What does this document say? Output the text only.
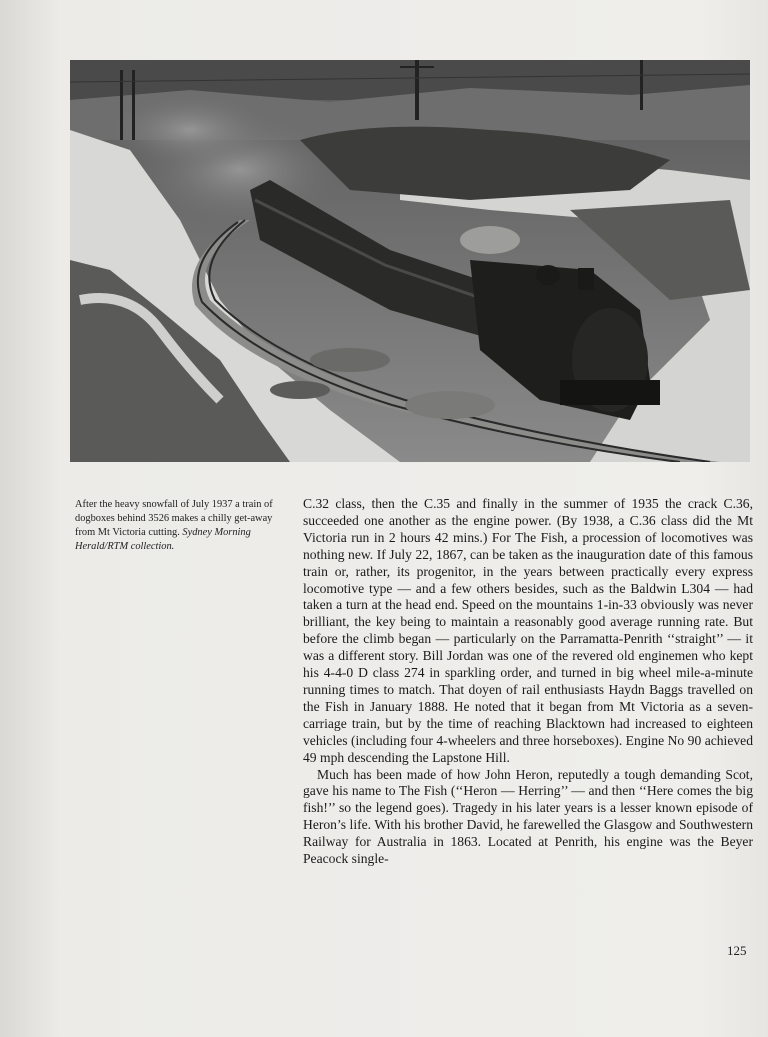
After the heavy snowfall of July 1937 a train of dogboxes behind 3526 makes a chilly get-away from Mt Victoria cutting. Sydney Morning Herald/RTM collection.

C.32 class, then the C.35 and finally in the summer of 1935 the crack C.36, succeeded one another as the engine power. (By 1938, a C.36 class did the Mt Victoria run in 2 hours 42 mins.) For The Fish, a procession of locomotives was nothing new. If July 22, 1867, can be taken as the inauguration date of this famous train or, rather, its progenitor, in the years between practically every express locomotive type — and a few others besides, such as the Baldwin L304 — had taken a turn at the head end. Speed on the mountains 1-in-33 obviously was never brilliant, the key being to maintain a reasonably good average running rate. But before the climb began — particularly on the Parramatta-Penrith ‘‘straight’’ — it was a different story. Bill Jordan was one of the revered old enginemen who kept his 4-4-0 D class 274 in sparkling order, and turned in big wheel mile-a-minute running times to match. That doyen of rail enthusiasts Haydn Baggs travelled on the Fish in January 1888. He noted that it began from Mt Victoria as a seven-carriage train, but by the time of reaching Blacktown had increased to eighteen vehicles (including four 4-wheelers and three horseboxes). Engine No 90 achieved 49 mph descending the Lapstone Hill.

Much has been made of how John Heron, reputedly a tough demanding Scot, gave his name to The Fish (‘‘Heron — Herring’’ — and then ‘‘Here comes the big fish!’’ so the legend goes). Tragedy in his later years is a lesser known episode of Heron’s life. With his brother David, he farewelled the Glasgow and Southwestern Railway for Australia in 1863. Located at Penrith, his engine was the Beyer Peacock single-

125
